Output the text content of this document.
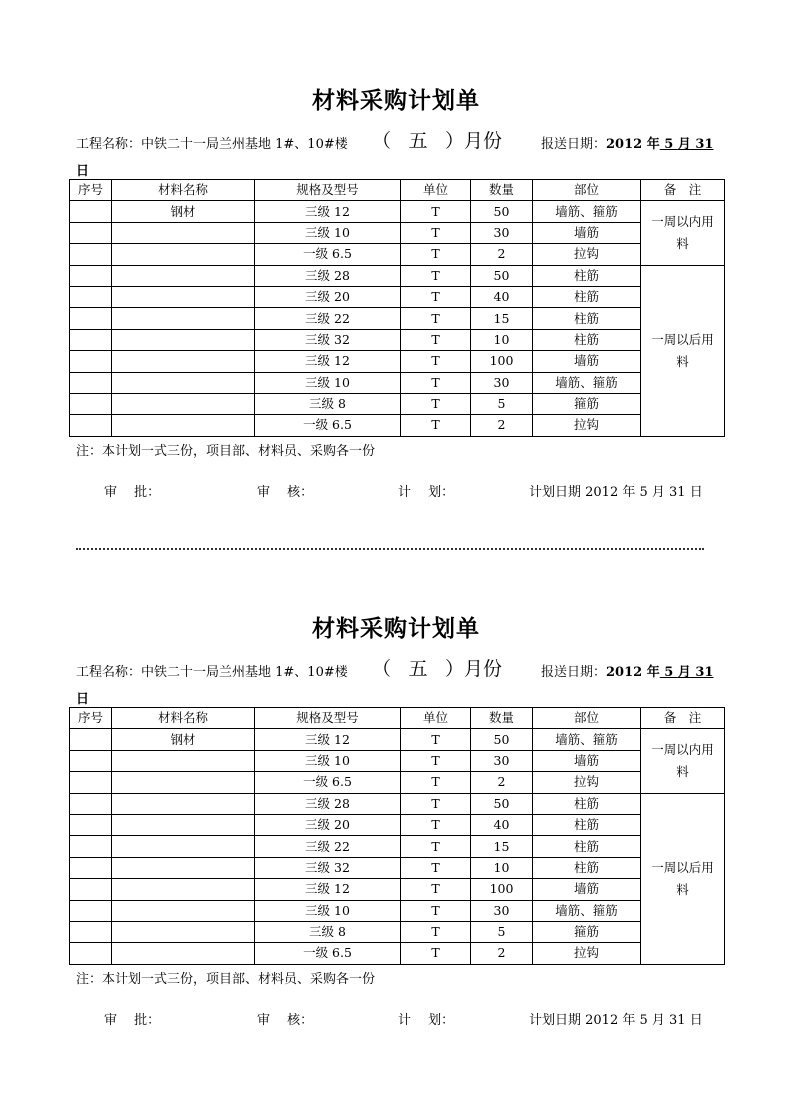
材料采购计划单
工程名称：中铁二十一局兰州基地 1#、10#楼 （ 五 ）月份	报送日期：2012 年 5 月 31
日
序号	材料名称	规格及型号	单位	数量	部位	备　注
	钢材	三级 12	T	50	墙筋、箍筋	一周以内用
料

		三级 10	T	30	墙筋	
		一级 6.5	T	2	拉钩	
		三级 28	T	50	柱筋	一周以后用
料

		三级 20	T	40	柱筋	
		三级 22	T	15	柱筋	
		三级 32	T	10	柱筋	
		三级 12	T	100	墙筋	
		三级 10	T	30	墙筋、箍筋	
		三级 8	T	5	箍筋	
		一级 6.5	T	2	拉钩	
注：本计划一式三份，项目部、材料员、采购各一份
审　 批：	审　 核：	计　 划：	计划日期 2012 年 5 月 31 日
材料采购计划单
工程名称：中铁二十一局兰州基地 1#、10#楼 （ 五 ）月份	报送日期：2012 年 5 月 31
日
序号	材料名称	规格及型号	单位	数量	部位	备　注
	钢材	三级 12	T	50	墙筋、箍筋	一周以内用
料

		三级 10	T	30	墙筋	
		一级 6.5	T	2	拉钩	
		三级 28	T	50	柱筋	一周以后用
料

		三级 20	T	40	柱筋	
		三级 22	T	15	柱筋	
		三级 32	T	10	柱筋	
		三级 12	T	100	墙筋	
		三级 10	T	30	墙筋、箍筋	
		三级 8	T	5	箍筋	
		一级 6.5	T	2	拉钩	
注：本计划一式三份，项目部、材料员、采购各一份
审　 批：	审　 核：	计　 划：	计划日期 2012 年 5 月 31 日
